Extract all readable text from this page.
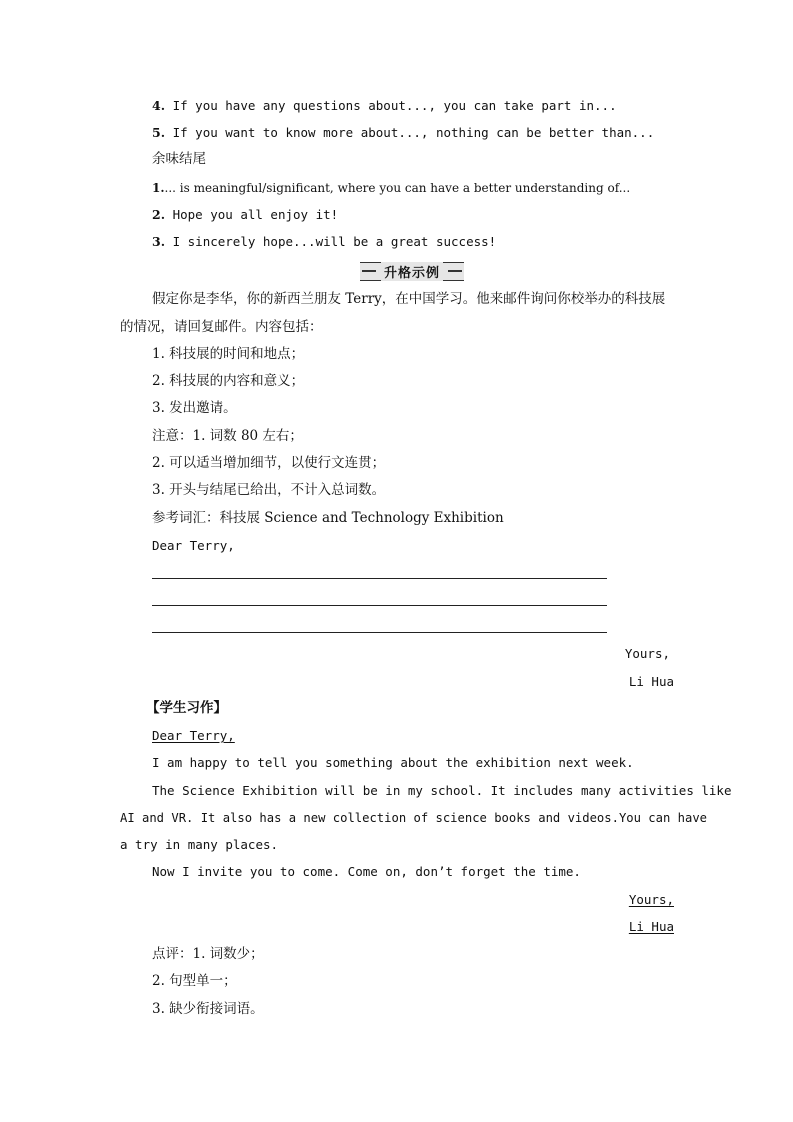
4. If you have any questions about..., you can take part in...
5. If you want to know more about..., nothing can be better than...
余味结尾
1.... is meaningful/significant, where you can have a better understanding of...
2. Hope you all enjoy it!
3. I sincerely hope...will be a great success!
升格示例
假定你是李华，你的新西兰朋友 Terry，在中国学习。他来邮件询问你校举办的科技展
的情况，请回复邮件。内容包括：
1. 科技展的时间和地点；
2. 科技展的内容和意义；
3. 发出邀请。
注意：1. 词数 80 左右；
2. 可以适当增加细节，以使行文连贯；
3. 开头与结尾已给出，不计入总词数。
参考词汇：科技展 Science and Technology Exhibition
Dear Terry,
Yours,
Li Hua
【学生习作】
Dear Terry,
I am happy to tell you something about the exhibition next week.
The Science Exhibition will be in my school. It includes many activities like
AI and VR. It also has a new collection of science books and videos.You can have
a try in many places.
Now I invite you to come. Come on, don’t forget the time.
Yours,
Li Hua
点评：1. 词数少；
2. 句型单一；
3. 缺少衔接词语。
